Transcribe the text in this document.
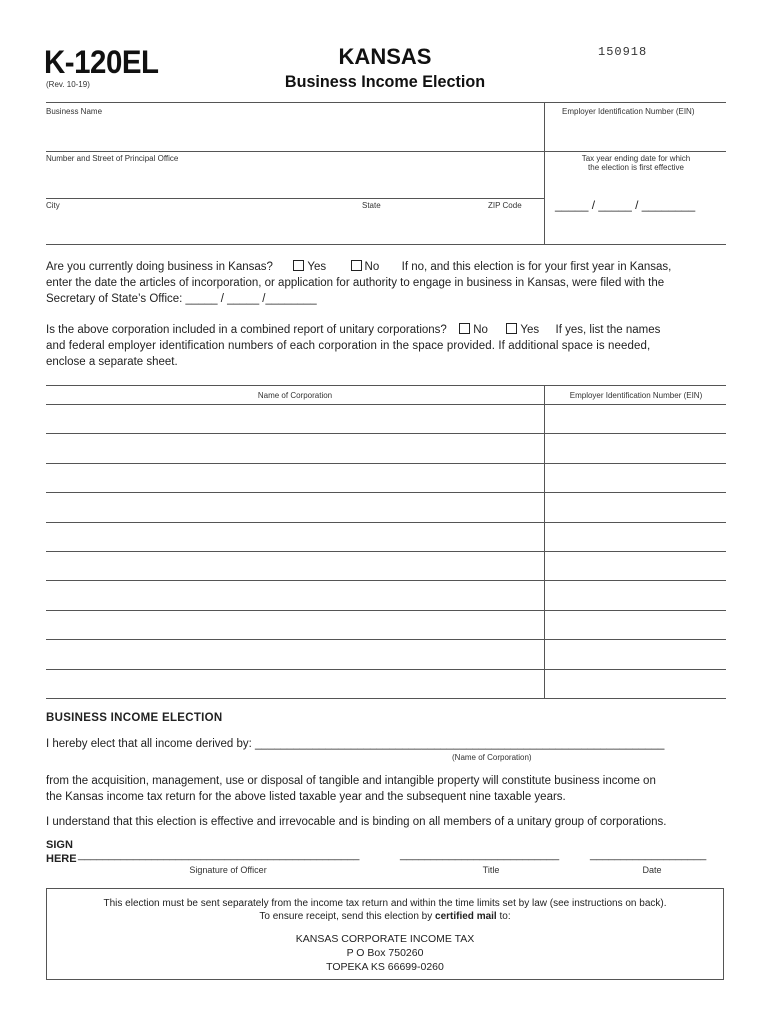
K-120EL
(Rev. 10-19)
KANSAS
Business Income Election
150918
Business Name	Employer Identification Number (EIN)
Number and Street of Principal Office	Tax year ending date for which
the election is first effective
City	State	ZIP Code	_____ / _____ / ________
Are you currently doing business in Kansas?	Yes	No If no, and this election is for your first year in Kansas,
enter the date the articles of incorporation, or application for authority to engage in business in Kansas, were filed with the
Secretary of State’s Office: _____ / _____ /________
Is the above corporation included in a combined report of unitary corporations? No	Yes If yes, list the names
and federal employer identification numbers of each corporation in the space provided. If additional space is needed,
enclose a separate sheet.
Name of Corporation	Employer Identification Number (EIN)
BUSINESS INCOME ELECTION
I hereby elect that all income derived by: ________________________________________________________________
(Name of Corporation)
from the acquisition, management, use or disposal of tangible and intangible property will constitute business income on
the Kansas income tax return for the above listed taxable year and the subsequent nine taxable years.
I understand that this election is effective and irrevocable and is binding on all members of a unitary group of corporations.
SIGN
HERE ______________________________________________	__________________________	___________________
Signature of Officer	Title	Date
This election must be sent separately from the income tax return and within the time limits set by law (see instructions on back).
To ensure receipt, send this election by certified mail to:
KANSAS CORPORATE INCOME TAX
P O Box 750260
TOPEKA KS 66699-0260
